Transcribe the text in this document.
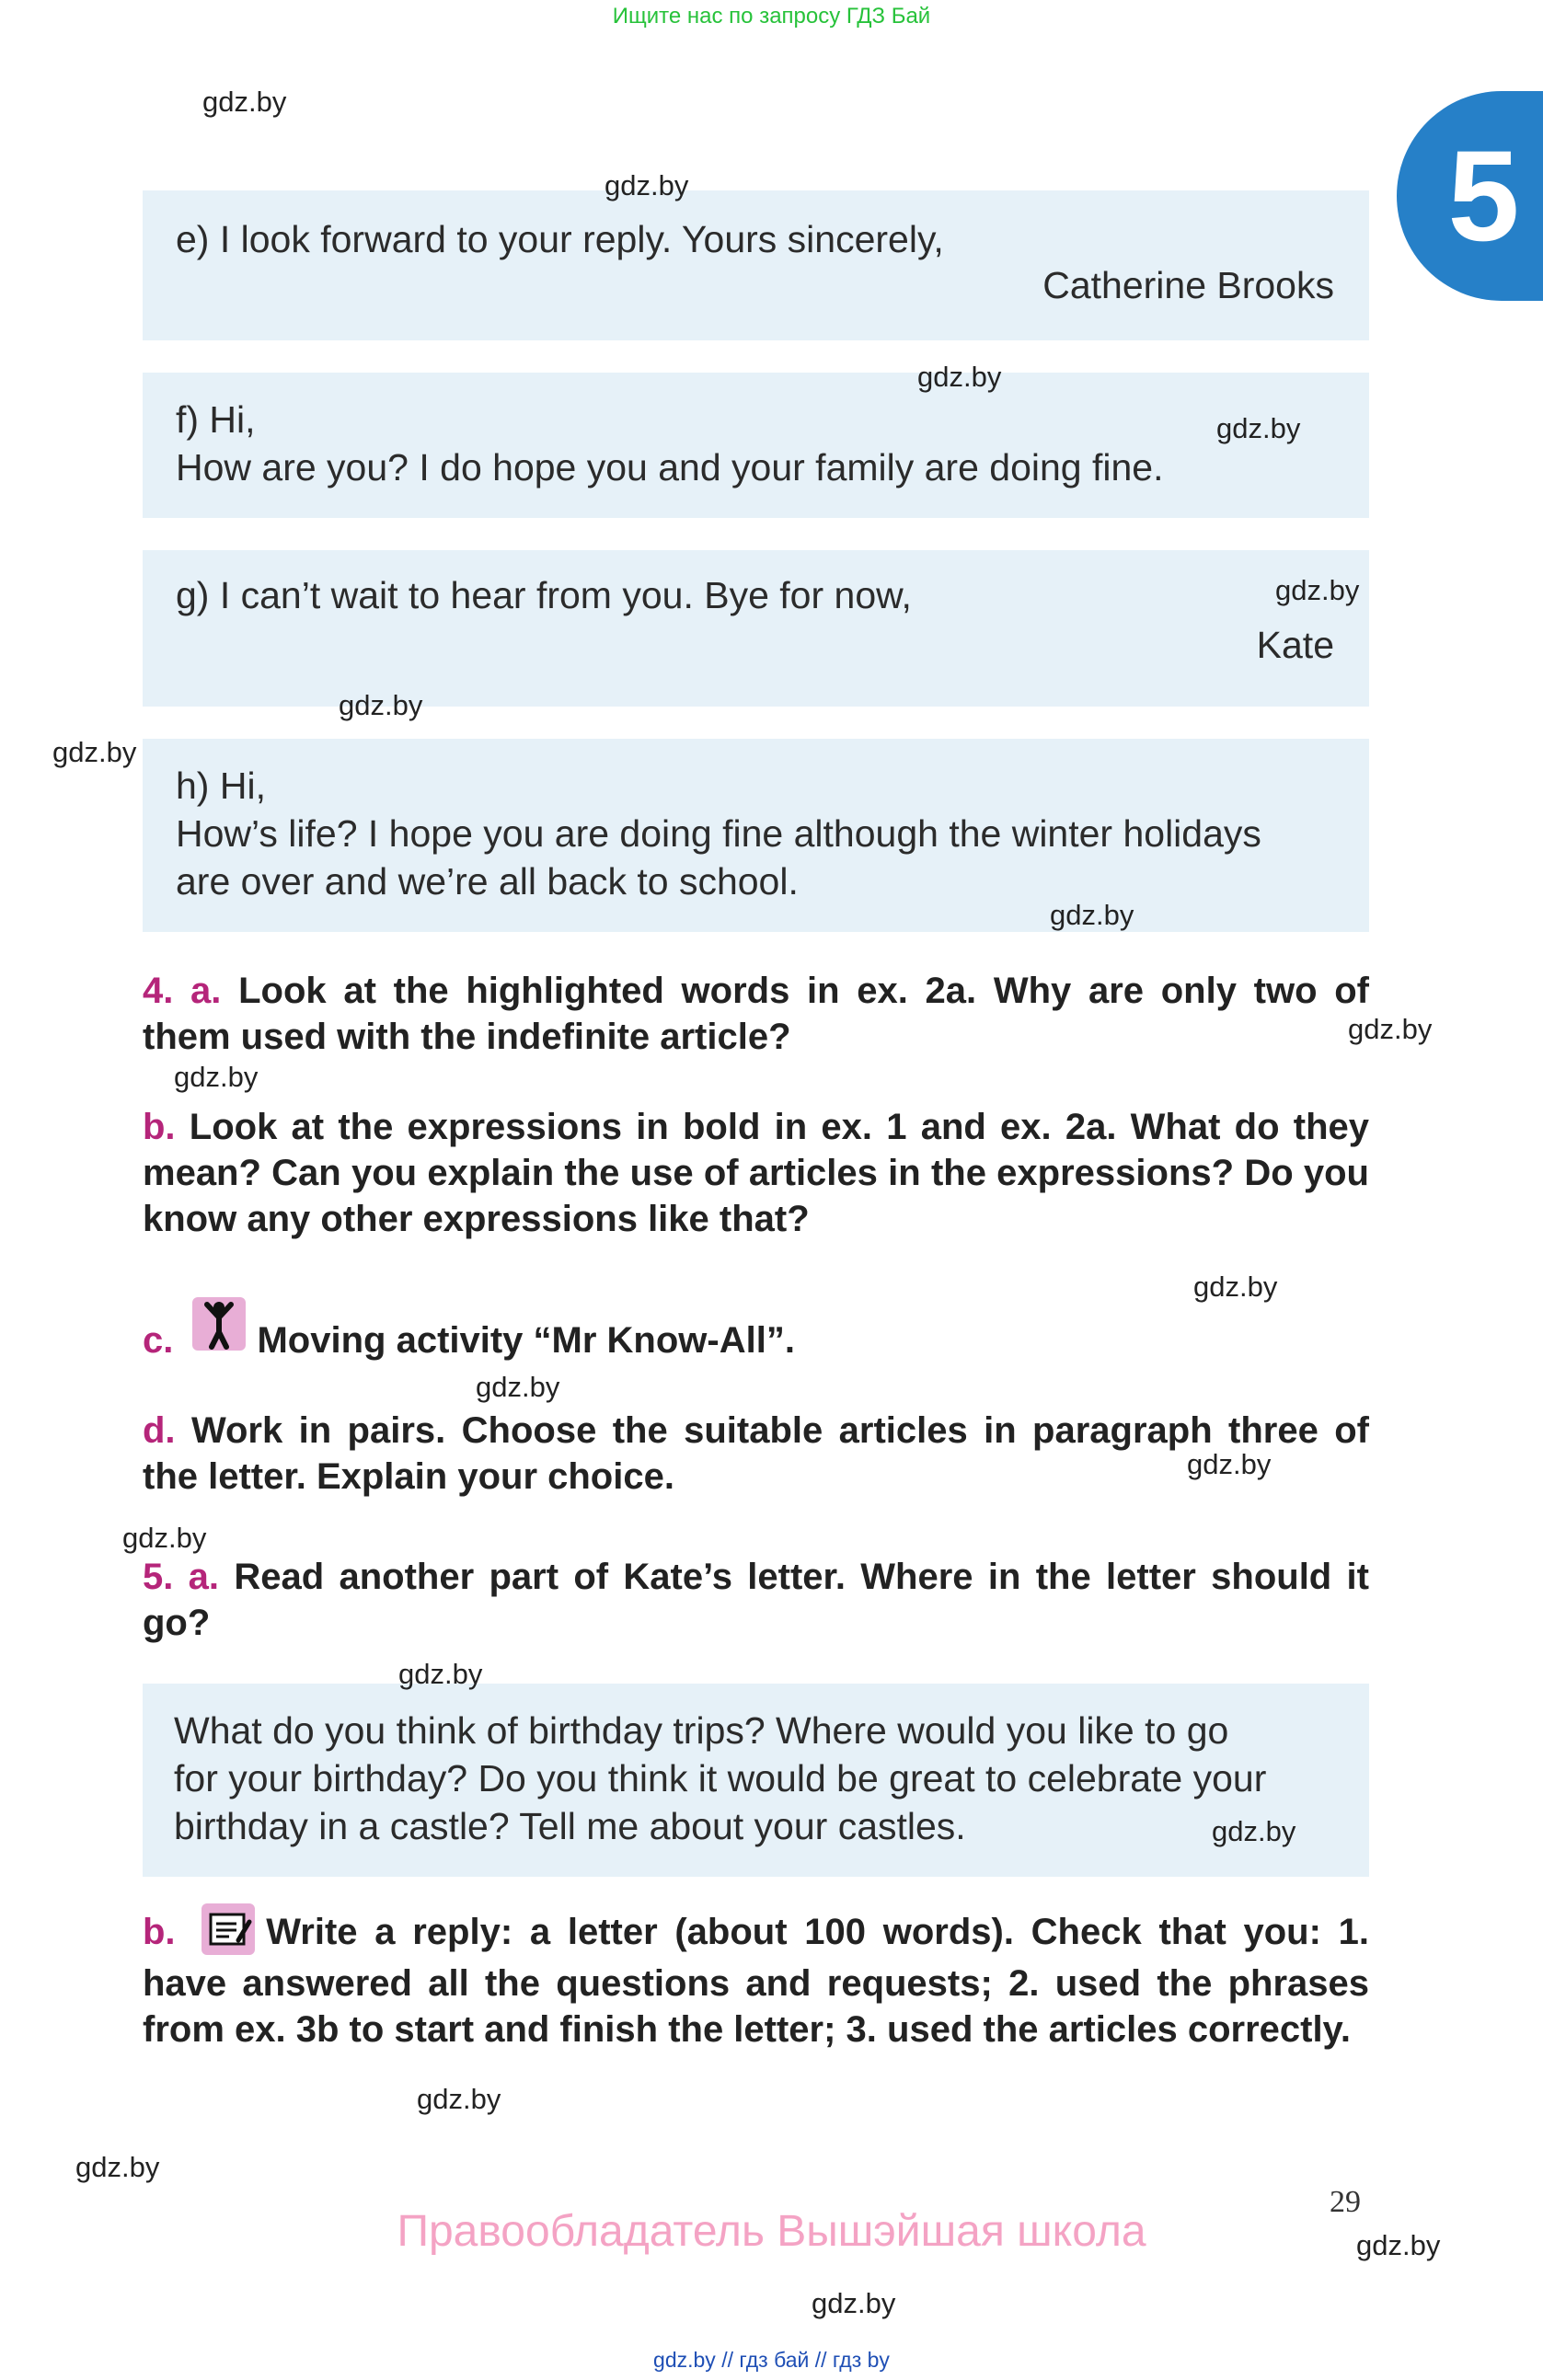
Ищите нас по запросу ГДЗ Бай
5
e) I look forward to your reply. Yours sincerely,
Catherine Brooks
f) Hi,
How are you? I do hope you and your family are doing fine.
g) I can’t wait to hear from you. Bye for now,
Kate
h) Hi,
How’s life? I hope you are doing fine although the winter holidays
are over and we’re all back to school.
4. a. Look at the highlighted words in ex. 2a. Why are only two of them used with the indefinite article?
b. Look at the expressions in bold in ex. 1 and ex. 2a. What do they mean? Can you explain the use of articles in the expressions? Do you know any other expressions like that?
c. Moving activity “Mr Know-All”.
d. Work in pairs. Choose the suitable articles in paragraph three of the letter. Explain your choice.
5. a. Read another part of Kate’s letter. Where in the letter should it go?
What do you think of birthday trips? Where would you like to go
for your birthday? Do you think it would be great to celebrate your
birthday in a castle? Tell me about your castles.
b. Write a reply: a letter (about 100 words). Check that you: 1. have answered all the questions and requests; 2. used the phrases from ex. 3b to start and finish the letter; 3. used the articles correctly.
gdz.by
gdz.by
gdz.by
gdz.by
gdz.by
gdz.by
gdz.by
gdz.by
gdz.by
gdz.by
gdz.by
gdz.by
gdz.by
gdz.by
gdz.by
gdz.by
gdz.by
gdz.by
gdz.by
gdz.by
29
Правообладатель Вышэйшая школа
gdz.by // гдз бай // гдз by
